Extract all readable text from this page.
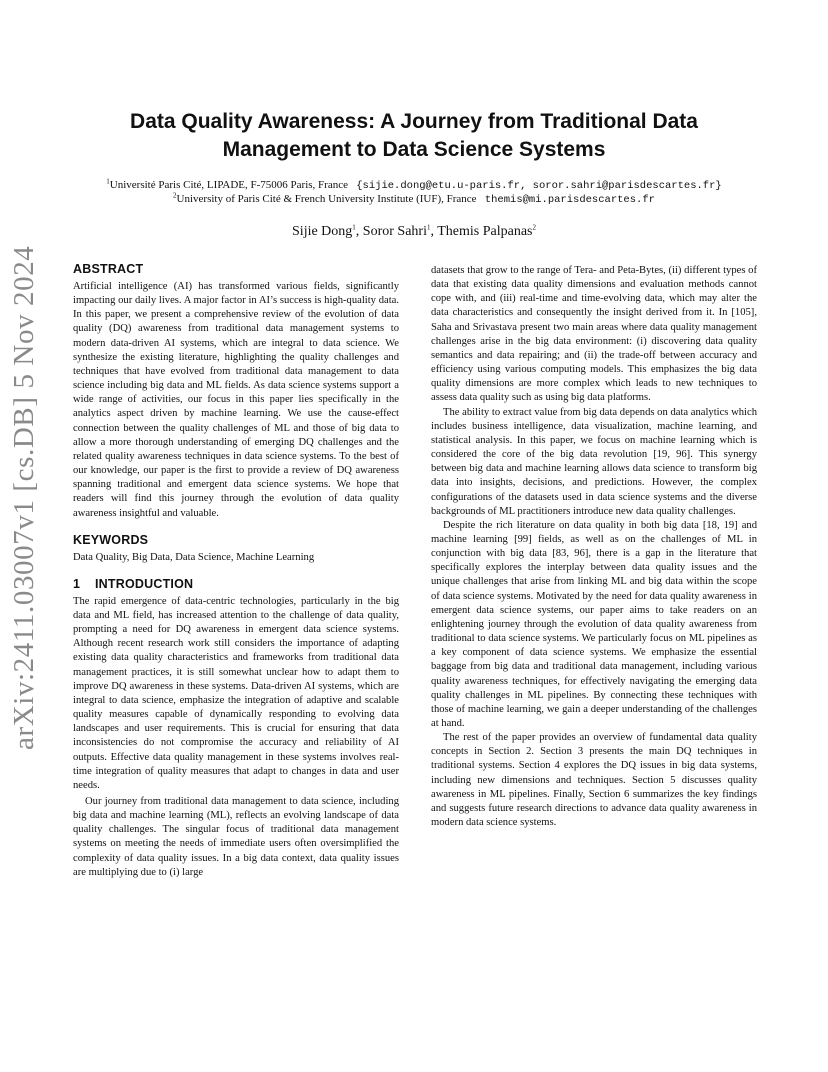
arXiv:2411.03007v1 [cs.DB] 5 Nov 2024
Data Quality Awareness: A Journey from Traditional Data
Management to Data Science Systems
$^1$Université Paris Cité, LIPADE, F-75006 Paris, France {sijie.dong@etu.u-paris.fr, soror.sahri@parisdescartes.fr}
$^2$University of Paris Cité & French University Institute (IUF), France themis@mi.parisdescartes.fr
Sijie Dong$^1$, Soror Sahri$^1$, Themis Palpanas$^2$
ABSTRACT

Artificial intelligence (AI) has transformed various fields, significantly impacting our daily lives. A major factor in AI’s success is high-quality data. In this paper, we present a comprehensive review of the evolution of data quality (DQ) awareness from traditional data management systems to modern data-driven AI systems, which are integral to data science. We synthesize the existing literature, highlighting the quality challenges and techniques that have evolved from traditional data management to data science including big data and ML fields. As data science systems support a wide range of activities, our focus in this paper lies specifically in the analytics aspect driven by machine learning. We use the cause-effect connection between the quality challenges of ML and those of big data to allow a more thorough understanding of emerging DQ challenges and the related quality awareness techniques in data science systems. To the best of our knowledge, our paper is the first to provide a review of DQ awareness spanning traditional and emergent data science systems. We hope that readers will find this journey through the evolution of data quality awareness insightful and valuable.

KEYWORDS

Data Quality, Big Data, Data Science, Machine Learning

1 INTRODUCTION

The rapid emergence of data-centric technologies, particularly in the big data and ML field, has increased attention to the challenge of data quality, prompting a need for DQ awareness in emergent data science systems. Although recent research work still considers the importance of adapting existing data quality characteristics and frameworks from traditional data management practices, it is still somewhat unclear how to adapt them to improve DQ awareness in these systems. Data-driven AI systems, which are integral to data science, emphasize the integration of adaptive and scalable quality measures capable of dynamically responding to evolving data landscapes and user requirements. This is crucial for ensuring that data inconsistencies do not compromise the accuracy and reliability of AI outputs. Effective data quality management in these systems involves real-time integration of quality measures that adapt to changes in data and user needs.

Our journey from traditional data management to data science, including big data and machine learning (ML), reflects an evolving landscape of data quality challenges. The singular focus of traditional data management systems on meeting the needs of immediate users often oversimplified the complexity of data quality issues. In a big data context, data quality issues are multiplying due to (i) large

datasets that grow to the range of Tera- and Peta-Bytes, (ii) different types of data that existing data quality dimensions and evaluation methods cannot cope with, and (iii) real-time and time-evolving data, which may alter the data characteristics and consequently the insight derived from it. In [105], Saha and Srivastava present two main areas where data quality management challenges arise in the big data environment: (i) discovering data quality semantics and data repairing; and (ii) the trade-off between accuracy and efficiency using various computing models. This emphasizes the big data quality dimensions are more complex which leads to new techniques to assess data quality such as using big data platforms.

The ability to extract value from big data depends on data analytics which includes business intelligence, data visualization, machine learning, and statistical analysis. In this paper, we focus on machine learning which is considered the core of the big data revolution [19, 96]. This synergy between big data and machine learning allows data science to transform big data into insights, decisions, and predictions. However, the complex configurations of the datasets used in data science systems and the diverse backgrounds of ML practitioners introduce new data quality challenges.

Despite the rich literature on data quality in both big data [18, 19] and machine learning [99] fields, as well as on the challenges of ML in conjunction with big data [83, 96], there is a gap in the literature that specifically explores the interplay between data quality issues and the unique challenges that arise from linking ML and big data within the scope of data science systems. Motivated by the need for data quality awareness in emergent data science systems, our paper aims to take readers on an enlightening journey through the evolution of data quality awareness from traditional to data science systems. We particularly focus on ML pipelines as a key component of data science systems. We emphasize the essential baggage from big data and traditional data management, including various quality awareness techniques, for effectively navigating the emerging data quality challenges in ML pipelines. By connecting these techniques with those of machine learning, we gain a deeper understanding of the challenges at hand.

The rest of the paper provides an overview of fundamental data quality concepts in Section 2. Section 3 presents the main DQ techniques in traditional systems. Section 4 explores the DQ issues in big data systems, including new dimensions and techniques. Section 5 discusses quality awareness in ML pipelines. Finally, Section 6 summarizes the key findings and suggests future research directions to advance data quality awareness in modern data science systems.
